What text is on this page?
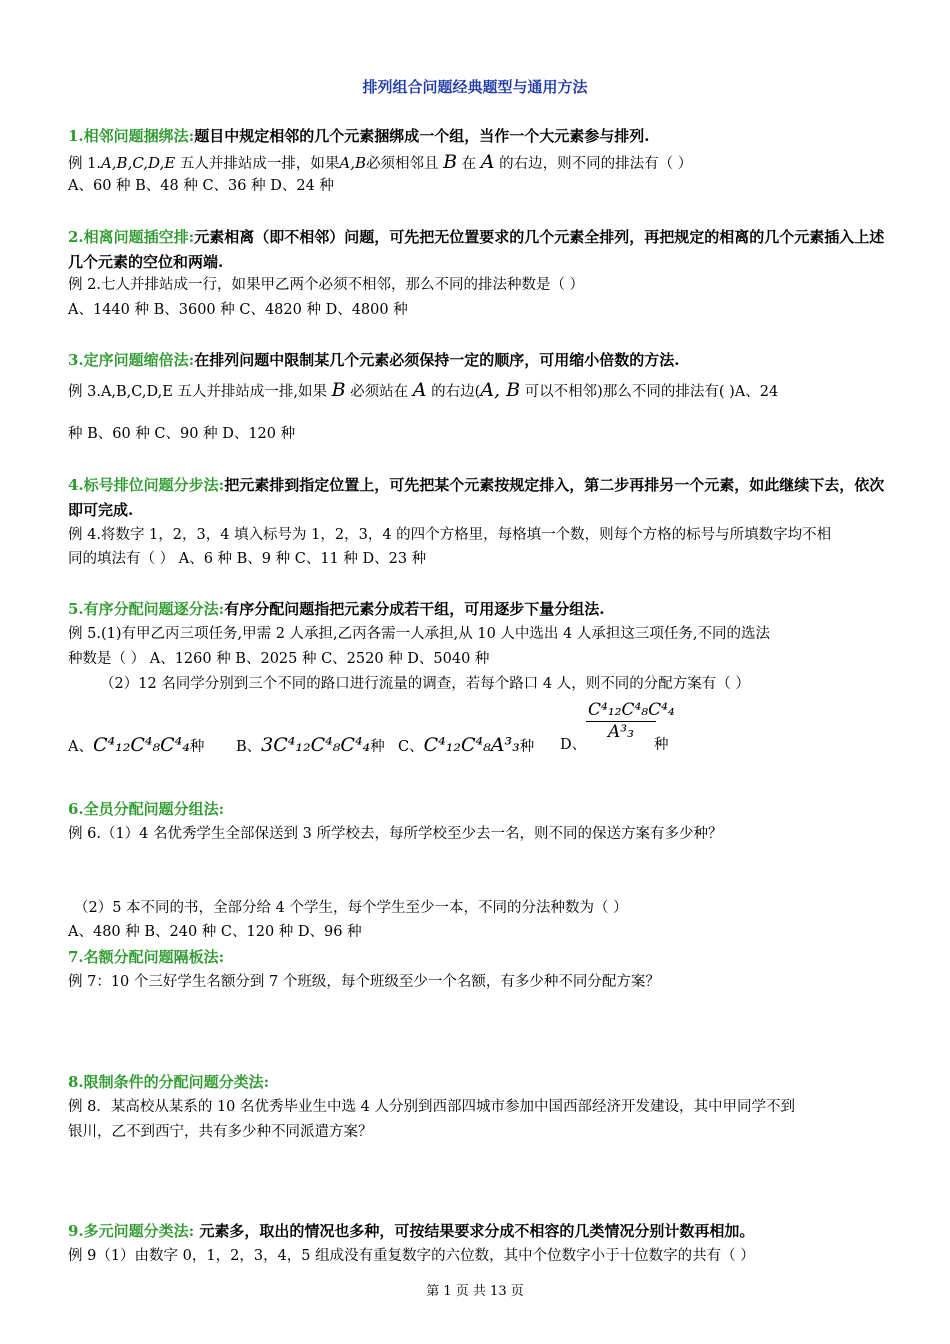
排列组合问题经典题型与通用方法
1.相邻问题捆绑法:题目中规定相邻的几个元素捆绑成一个组，当作一个大元素参与排列.
例 1.A,B,C,D,E 五人并排站成一排，如果A,B必须相邻且 B 在 A 的右边，则不同的排法有（ ）
A、60 种 B、48 种 C、36 种 D、24 种
2.相离问题插空排:元素相离（即不相邻）问题，可先把无位置要求的几个元素全排列，再把规定的相离的几个元素插入上述几个元素的空位和两端.
例 2.七人并排站成一行，如果甲乙两个必须不相邻，那么不同的排法种数是（ ）
A、1440 种 B、3600 种 C、4820 种 D、4800 种
3.定序问题缩倍法:在排列问题中限制某几个元素必须保持一定的顺序，可用缩小倍数的方法.
例 3.A,B,C,D,E 五人并排站成一排,如果 B 必须站在 A 的右边(A, B 可以不相邻)那么不同的排法有( )A、24
种 B、60 种 C、90 种 D、120 种
4.标号排位问题分步法:把元素排到指定位置上，可先把某个元素按规定排入，第二步再排另一个元素，如此继续下去，依次即可完成.
例 4.将数字 1，2，3，4 填入标号为 1，2，3，4 的四个方格里，每格填一个数，则每个方格的标号与所填数字均不相
同的填法有（ ） A、6 种 B、9 种 C、11 种 D、23 种
5.有序分配问题逐分法:有序分配问题指把元素分成若干组，可用逐步下量分组法.
例 5.(1)有甲乙丙三项任务,甲需 2 人承担,乙丙各需一人承担,从 10 人中选出 4 人承担这三项任务,不同的选法
种数是（ ） A、1260 种 B、2025 种 C、2520 种 D、5040 种
（2）12 名同学分别到三个不同的路口进行流量的调查，若每个路口 4 人，则不同的分配方案有（ ）
A、C⁴₁₂C⁴₈C⁴₄种 B、3C⁴₁₂C⁴₈C⁴₄种 C、C⁴₁₂C⁴₈A³₃种 D、
$\frac{\text{C⁴₁₂C⁴₈C⁴₄}}{\text{A³₃}}$
种
6.全员分配问题分组法:
例 6.（1）4 名优秀学生全部保送到 3 所学校去，每所学校至少去一名，则不同的保送方案有多少种？
（2）5 本不同的书，全部分给 4 个学生，每个学生至少一本，不同的分法种数为（ ）
A、480 种 B、240 种 C、120 种 D、96 种
7.名额分配问题隔板法:
例 7：10 个三好学生名额分到 7 个班级，每个班级至少一个名额，有多少种不同分配方案？
8.限制条件的分配问题分类法:
例 8．某高校从某系的 10 名优秀毕业生中选 4 人分别到西部四城市参加中国西部经济开发建设，其中甲同学不到
银川，乙不到西宁，共有多少种不同派遣方案？
9.多元问题分类法: 元素多，取出的情况也多种，可按结果要求分成不相容的几类情况分别计数再相加。
例 9（1）由数字 0，1，2，3，4，5 组成没有重复数字的六位数，其中个位数字小于十位数字的共有（ ）
第 1 页 共 13 页
